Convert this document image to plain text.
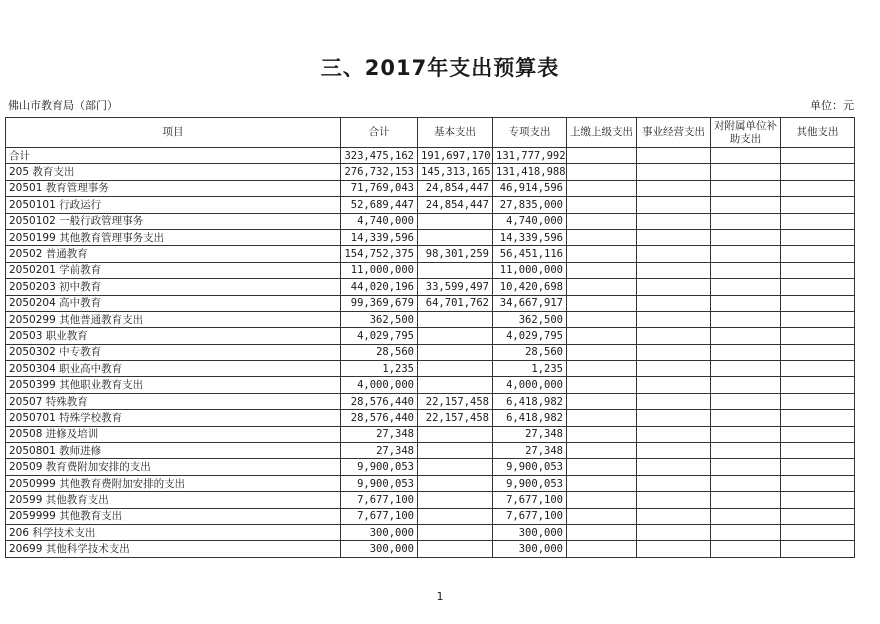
三、2017年支出预算表
佛山市教育局（部门）	单位：元
项目	合计	基本支出	专项支出	上缴上级支出	事业经营支出	对附属单位补助支出	其他支出
合计	323,475,162	191,697,170	131,777,992				
205 教育支出	276,732,153	145,313,165	131,418,988				
20501 教育管理事务	71,769,043	24,854,447	46,914,596				
2050101 行政运行	52,689,447	24,854,447	27,835,000				
2050102 一般行政管理事务	4,740,000		4,740,000				
2050199 其他教育管理事务支出	14,339,596		14,339,596				
20502 普通教育	154,752,375	98,301,259	56,451,116				
2050201 学前教育	11,000,000		11,000,000				
2050203 初中教育	44,020,196	33,599,497	10,420,698				
2050204 高中教育	99,369,679	64,701,762	34,667,917				
2050299 其他普通教育支出	362,500		362,500				
20503 职业教育	4,029,795		4,029,795				
2050302 中专教育	28,560		28,560				
2050304 职业高中教育	1,235		1,235				
2050399 其他职业教育支出	4,000,000		4,000,000				
20507 特殊教育	28,576,440	22,157,458	6,418,982				
2050701 特殊学校教育	28,576,440	22,157,458	6,418,982				
20508 进修及培训	27,348		27,348				
2050801 教师进修	27,348		27,348				
20509 教育费附加安排的支出	9,900,053		9,900,053				
2050999 其他教育费附加安排的支出	9,900,053		9,900,053				
20599 其他教育支出	7,677,100		7,677,100				
2059999 其他教育支出	7,677,100		7,677,100				
206 科学技术支出	300,000		300,000				
20699 其他科学技术支出	300,000		300,000				
1
